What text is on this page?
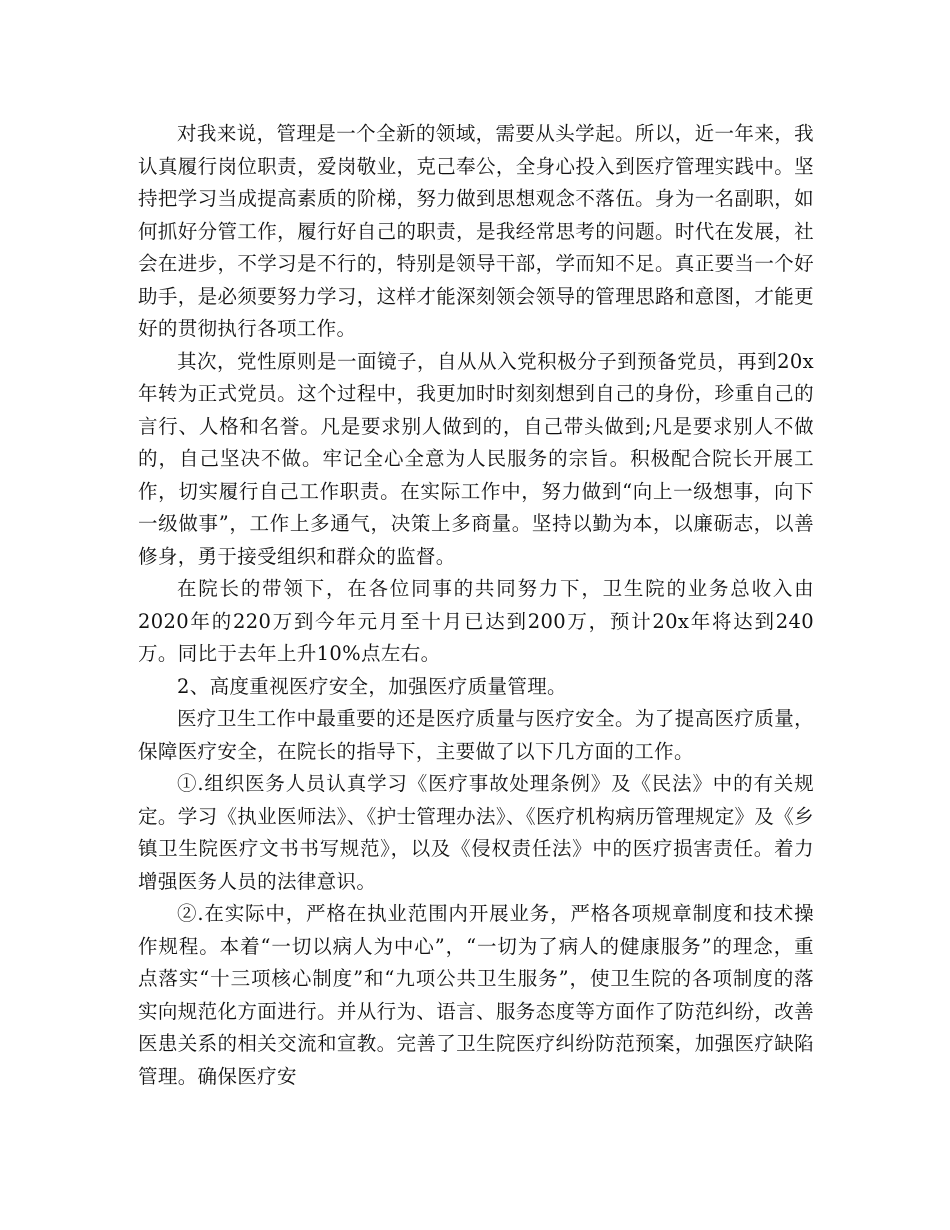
对我来说，管理是一个全新的领域，需要从头学起。所以，近一年来，我认真履行岗位职责，爱岗敬业，克己奉公，全身心投入到医疗管理实践中。坚持把学习当成提高素质的阶梯，努力做到思想观念不落伍。身为一名副职，如何抓好分管工作，履行好自己的职责，是我经常思考的问题。时代在发展，社会在进步，不学习是不行的，特别是领导干部，学而知不足。真正要当一个好助手，是必须要努力学习，这样才能深刻领会领导的管理思路和意图，才能更好的贯彻执行各项工作。

其次，党性原则是一面镜子，自从从入党积极分子到预备党员，再到20x年转为正式党员。这个过程中，我更加时时刻刻想到自己的身份，珍重自己的言行、人格和名誉。凡是要求别人做到的，自己带头做到;凡是要求别人不做的，自己坚决不做。牢记全心全意为人民服务的宗旨。积极配合院长开展工作，切实履行自己工作职责。在实际工作中，努力做到“向上一级想事，向下一级做事”，工作上多通气，决策上多商量。坚持以勤为本，以廉砺志，以善修身，勇于接受组织和群众的监督。

在院长的带领下，在各位同事的共同努力下，卫生院的业务总收入由2020年的220万到今年元月至十月已达到200万，预计20x年将达到240万。同比于去年上升10%点左右。

2、高度重视医疗安全，加强医疗质量管理。

医疗卫生工作中最重要的还是医疗质量与医疗安全。为了提高医疗质量，保障医疗安全，在院长的指导下，主要做了以下几方面的工作。

①.组织医务人员认真学习《医疗事故处理条例》及《民法》中的有关规定。学习《执业医师法》、《护士管理办法》、《医疗机构病历管理规定》及《乡镇卫生院医疗文书书写规范》，以及《侵权责任法》中的医疗损害责任。着力增强医务人员的法律意识。

②.在实际中，严格在执业范围内开展业务，严格各项规章制度和技术操作规程。本着“一切以病人为中心”，“一切为了病人的健康服务”的理念，重点落实“十三项核心制度”和“九项公共卫生服务”，使卫生院的各项制度的落实向规范化方面进行。并从行为、语言、服务态度等方面作了防范纠纷，改善医患关系的相关交流和宣教。完善了卫生院医疗纠纷防范预案，加强医疗缺陷管理。确保医疗安
